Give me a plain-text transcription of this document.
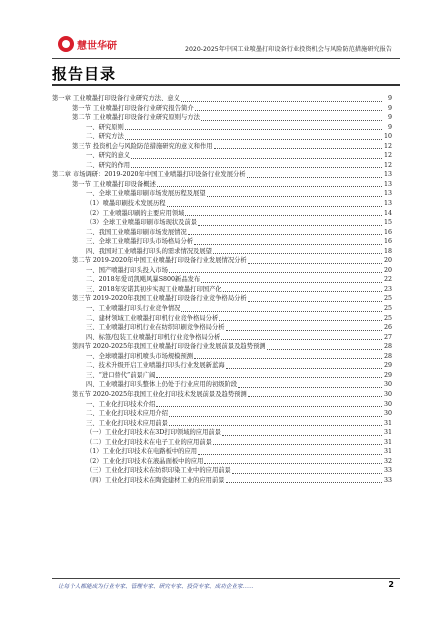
慧世华研	2020-2025年中国工业喷墨打印设备行业投资机会与风险防范措施研究报告
报告目录
第一章 工业喷墨打印设备行业研究方法、意义	9
第一节 工业喷墨打印设备行业研究报告简介	9
第二节 工业喷墨打印设备行业研究原则与方法	9
一、研究原则	9
二、研究方法	10
第三节 投资机会与风险防范措施研究的意义和作用	12
一、研究的意义	12
二、研究的作用	12
第二章 市场调研：2019-2020年中国工业喷墨打印设备行业发展分析	13
第一节 工业喷墨打印设备概述	13
一、全球工业喷墨印刷市场发展历程及展望	13
（1）喷墨印刷技术发展历程	13
（2）工业喷墨印刷的主要应用领域	14
（3）全球工业喷墨印刷市场现状及前景	15
二、我国工业喷墨印刷市场发展情况	16
三、全球工业喷墨打印头市场格局分析	16
四、我国对工业喷墨打印头的需求情况及展望	18
第二节 2019-2020年中国工业喷墨打印设备行业发展情况分析	20
一、国产喷墨打印头投入市场	20
二、2018年爱司凯飓风暴S800新品发布	22
三、2018年安诺其初步实现工业喷墨打印国产化	23
第三节 2019-2020年我国工业喷墨打印设备行业竞争格局分析	25
一、工业喷墨打印头行业竞争情况	25
二、建材领域工业喷墨打印机行业竞争格局分析	25
三、工业喷墨打印机行业在纺织印刷竞争格局分析	26
四、标签/包装工业喷墨打印机行业竞争格局分析	27
第四节 2020-2025年我国工业喷墨打印设备行业发展前景及趋势预测	28
一、全球喷墨打印机喷头市场规模预测	28
二、技术升级开启工业喷墨打印头行业发展新蓝海	29
三、“进口替代”前景广阔	29
四、工业喷墨打印头整体上仍处于行业应用的初级阶段	30
第五节 2020-2025年我国工业化打印技术发展前景及趋势预测	30
一、工业化打印技术介绍	30
二、工业化打印技术应用介绍	30
三、工业化打印技术应用前景	31
（一）工业化打印技术在3D打印领域的应用前景	31
（二）工业化打印技术在电子工业的应用前景	31
（1）工业化打印技术在电路板中的应用	31
（2）工业化打印技术在液晶面板中的应用	32
（三）工业化打印技术在纺织印染工业中的应用前景	33
（四）工业化打印技术在陶瓷建材工业的应用前景	33
让每个人都能成为行业专家、管理专家、研究专家、投资专家、成功企业家……	2
